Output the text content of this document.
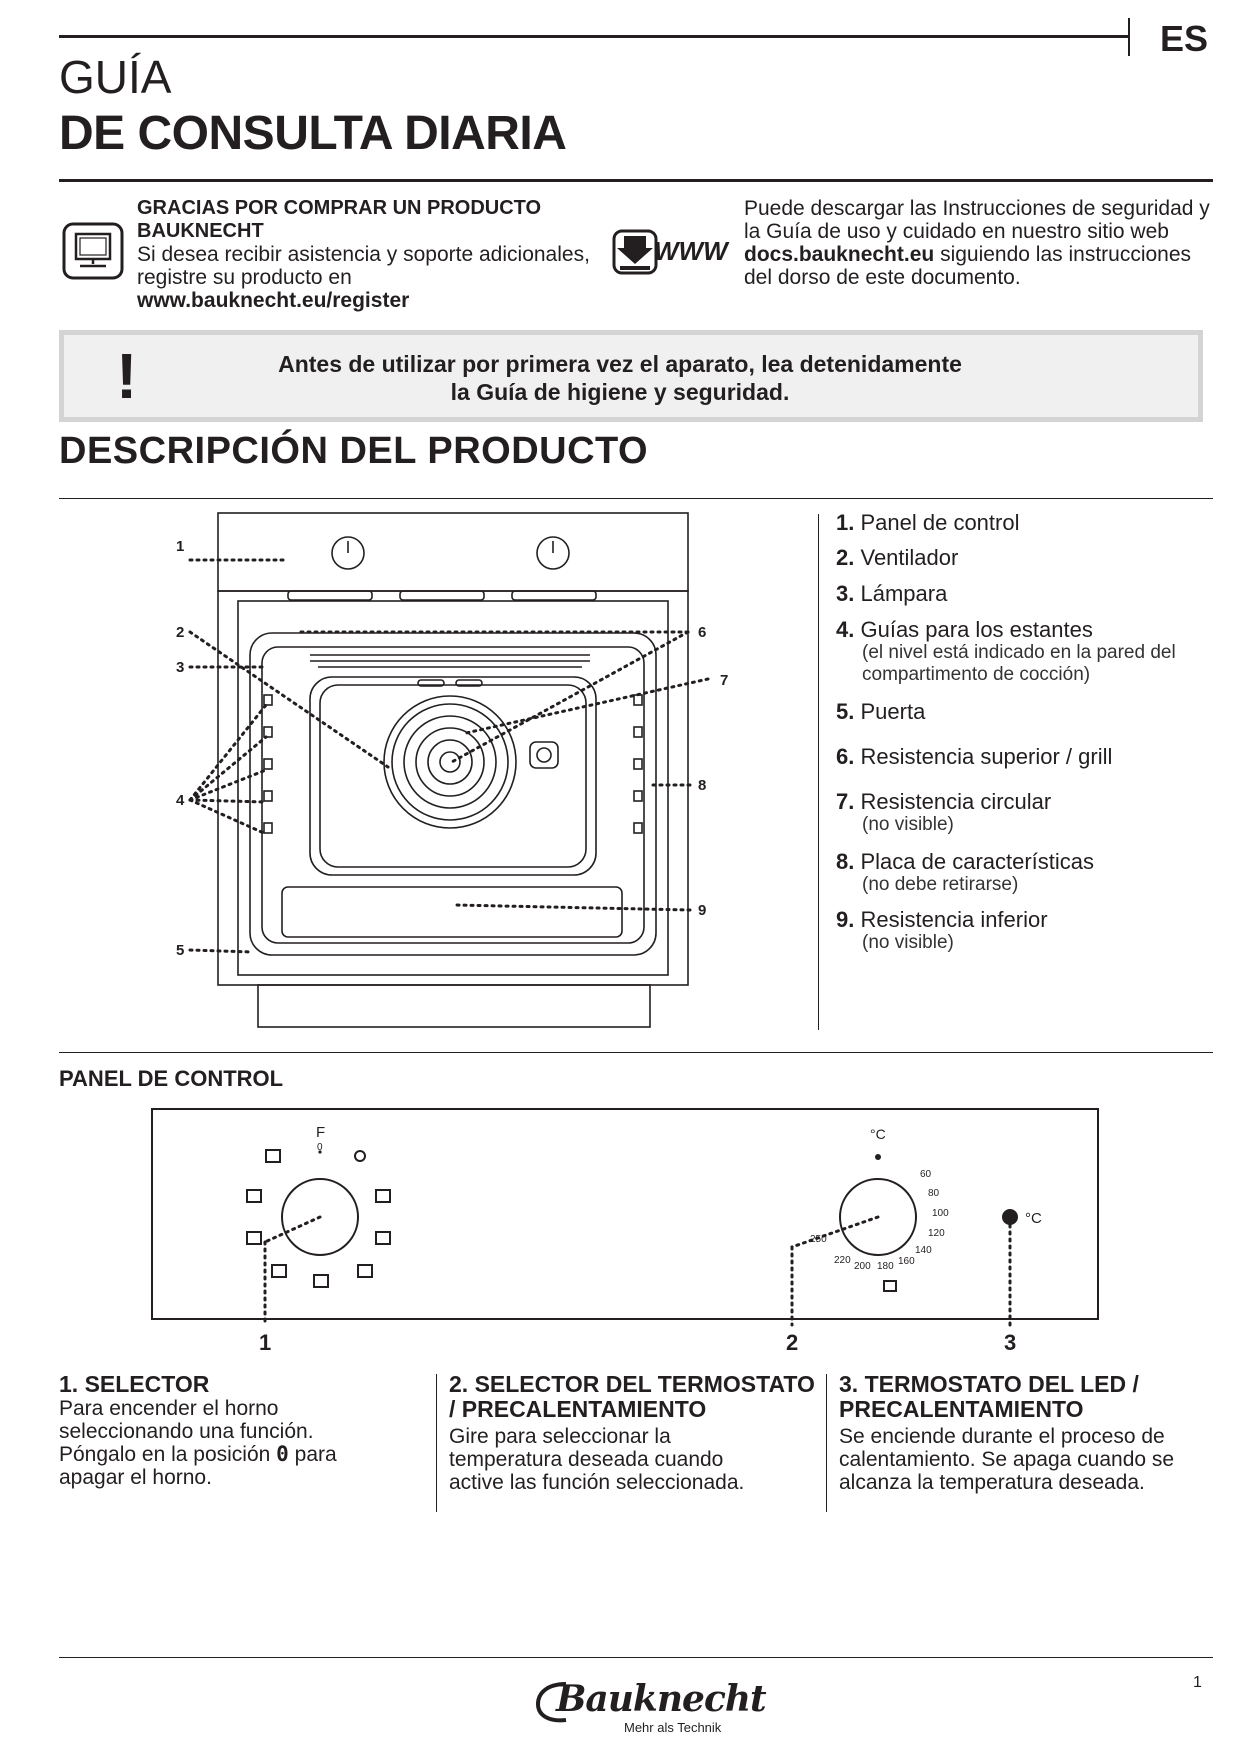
ES
GUÍA
DE CONSULTA DIARIA
GRACIAS POR COMPRAR UN PRODUCTO BAUKNECHT
Si desea recibir asistencia y soporte adicionales, registre su producto en
www.bauknecht.eu/register
WWW
Puede descargar las Instrucciones de seguridad y la Guía de uso y cuidado en nuestro sitio web docs.bauknecht.eu siguiendo las instrucciones del dorso de este documento.
!	Antes de utilizar por primera vez el aparato, lea detenidamente
la Guía de higiene y seguridad.
DESCRIPCIÓN DEL PRODUCTO
1
2
3
4
5
6
7
8
9
1. Panel de control
2. Ventilador
3. Lámpara
4. Guías para los estantes
(el nivel está indicado en la pared del compartimento de cocción)
5. Puerta
6. Resistencia superior / grill
7. Resistencia circular
(no visible)
8. Placa de características
(no debe retirarse)
9. Resistencia inferior
(no visible)
PANEL DE CONTROL
F
0
°C
°C
60
80
100
120
140
160
180
200
220
250
1	2	3
1. SELECTOR
Para encender el horno seleccionando una función. Póngalo en la posición 0 para apagar el horno.
2. SELECTOR DEL TERMOSTATO / PRECALENTAMIENTO
Gire para seleccionar la temperatura deseada cuando active las función seleccionada.
3. TERMOSTATO DEL LED / PRECALENTAMIENTO
Se enciende durante el proceso de calentamiento. Se apaga cuando se alcanza la temperatura deseada.
Bauknecht
Mehr als Technik
1
